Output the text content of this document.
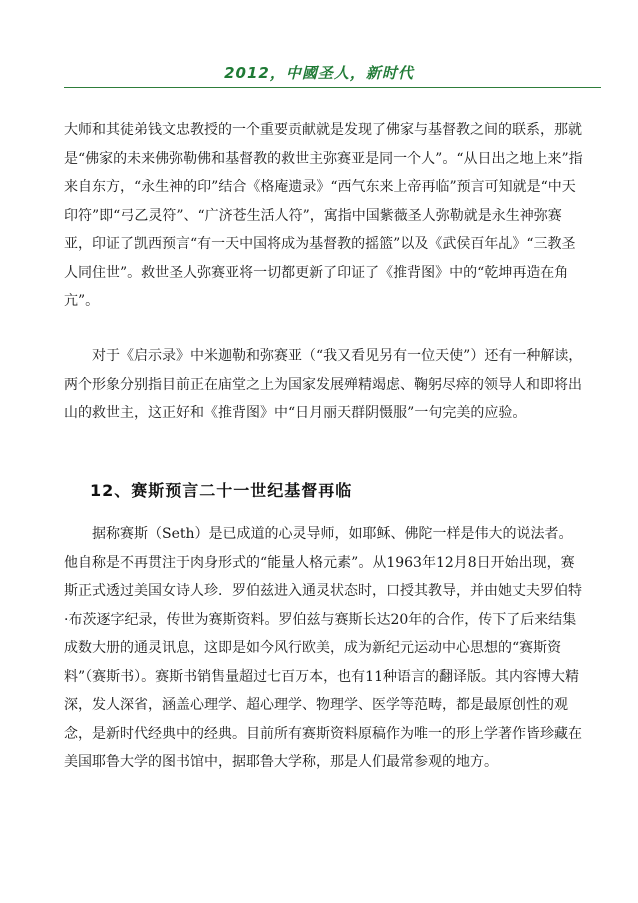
2012，中國圣人，新时代

大师和其徒弟钱文忠教授的一个重要贡献就是发现了佛家与基督教之间的联系，那就是“佛家的未来佛弥勒佛和基督教的救世主弥赛亚是同一个人”。“从日出之地上来”指来自东方，“永生神的印”结合《格庵遗录》“西气东来上帝再临”预言可知就是“中天印符”即“弓乙灵符”、“广济苍生活人符”，寓指中国紫薇圣人弥勒就是永生神弥赛亚，印证了凯西预言“有一天中国将成为基督教的摇篮”以及《武侯百年乩》“三教圣人同住世”。救世圣人弥赛亚将一切都更新了印证了《推背图》中的“乾坤再造在角亢”。

对于《启示录》中米迦勒和弥赛亚（“我又看见另有一位天使”）还有一种解读，两个形象分别指目前正在庙堂之上为国家发展殚精竭虑、鞠躬尽瘁的领导人和即将出山的救世主，这正好和《推背图》中“日月丽天群阴慑服”一句完美的应验。

12、赛斯预言二十一世纪基督再临

据称赛斯（Seth）是已成道的心灵导师，如耶稣、佛陀一样是伟大的说法者。他自称是不再贯注于肉身形式的“能量人格元素”。从1963年12月8日开始出现，赛斯正式透过美国女诗人珍．罗伯兹进入通灵状态时，口授其教导，并由她丈夫罗伯特·布茨逐字纪录，传世为赛斯资料。罗伯兹与赛斯长达20年的合作，传下了后来结集成数大册的通灵讯息，这即是如今风行欧美，成为新纪元运动中心思想的“赛斯资料”（赛斯书）。赛斯书销售量超过七百万本，也有11种语言的翻译版。其内容博大精深，发人深省，涵盖心理学、超心理学、物理学、医学等范畴，都是最原创性的观念，是新时代经典中的经典。目前所有赛斯资料原稿作为唯一的形上学著作皆珍藏在美国耶鲁大学的图书馆中，据耶鲁大学称，那是人们最常参观的地方。
